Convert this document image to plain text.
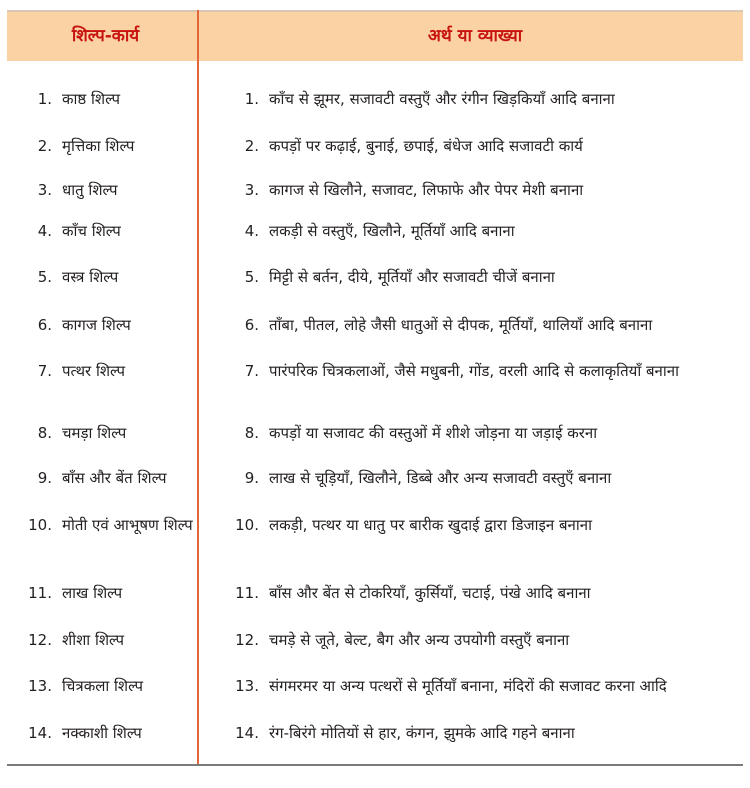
शिल्प-कार्य	अर्थ या व्याख्या
1. काष्ठ शिल्प	1. काँच से झूमर, सजावटी वस्तुएँ और रंगीन खिड़कियाँ आदि बनाना
2. मृत्तिका शिल्प	2. कपड़ों पर कढ़ाई, बुनाई, छपाई, बंधेज आदि सजावटी कार्य
3. धातु शिल्प	3. कागज से खिलौने, सजावट, लिफाफे और पेपर मेशी बनाना
4. काँच शिल्प	4. लकड़ी से वस्तुएँ, खिलौने, मूर्तियाँ आदि बनाना
5. वस्त्र शिल्प	5. मिट्टी से बर्तन, दीये, मूर्तियाँ और सजावटी चीजें बनाना
6. कागज शिल्प	6. ताँबा, पीतल, लोहे जैसी धातुओं से दीपक, मूर्तियाँ, थालियाँ आदि बनाना
7. पत्थर शिल्प	7. पारंपरिक चित्रकलाओं, जैसे मधुबनी, गोंड, वरली आदि से कलाकृतियाँ बनाना
8. चमड़ा शिल्प	8. कपड़ों या सजावट की वस्तुओं में शीशे जोड़ना या जड़ाई करना
9. बाँस और बेंत शिल्प	9. लाख से चूड़ियाँ, खिलौने, डिब्बे और अन्य सजावटी वस्तुएँ बनाना
10. मोती एवं आभूषण शिल्प	10. लकड़ी, पत्थर या धातु पर बारीक खुदाई द्वारा डिजाइन बनाना
11. लाख शिल्प	11. बाँस और बेंत से टोकरियाँ, कुर्सियाँ, चटाई, पंखे आदि बनाना
12. शीशा शिल्प	12. चमड़े से जूते, बेल्ट, बैग और अन्य उपयोगी वस्तुएँ बनाना
13. चित्रकला शिल्प	13. संगमरमर या अन्य पत्थरों से मूर्तियाँ बनाना, मंदिरों की सजावट करना आदि
14. नक्काशी शिल्प	14. रंग-बिरंगे मोतियों से हार, कंगन, झुमके आदि गहने बनाना
